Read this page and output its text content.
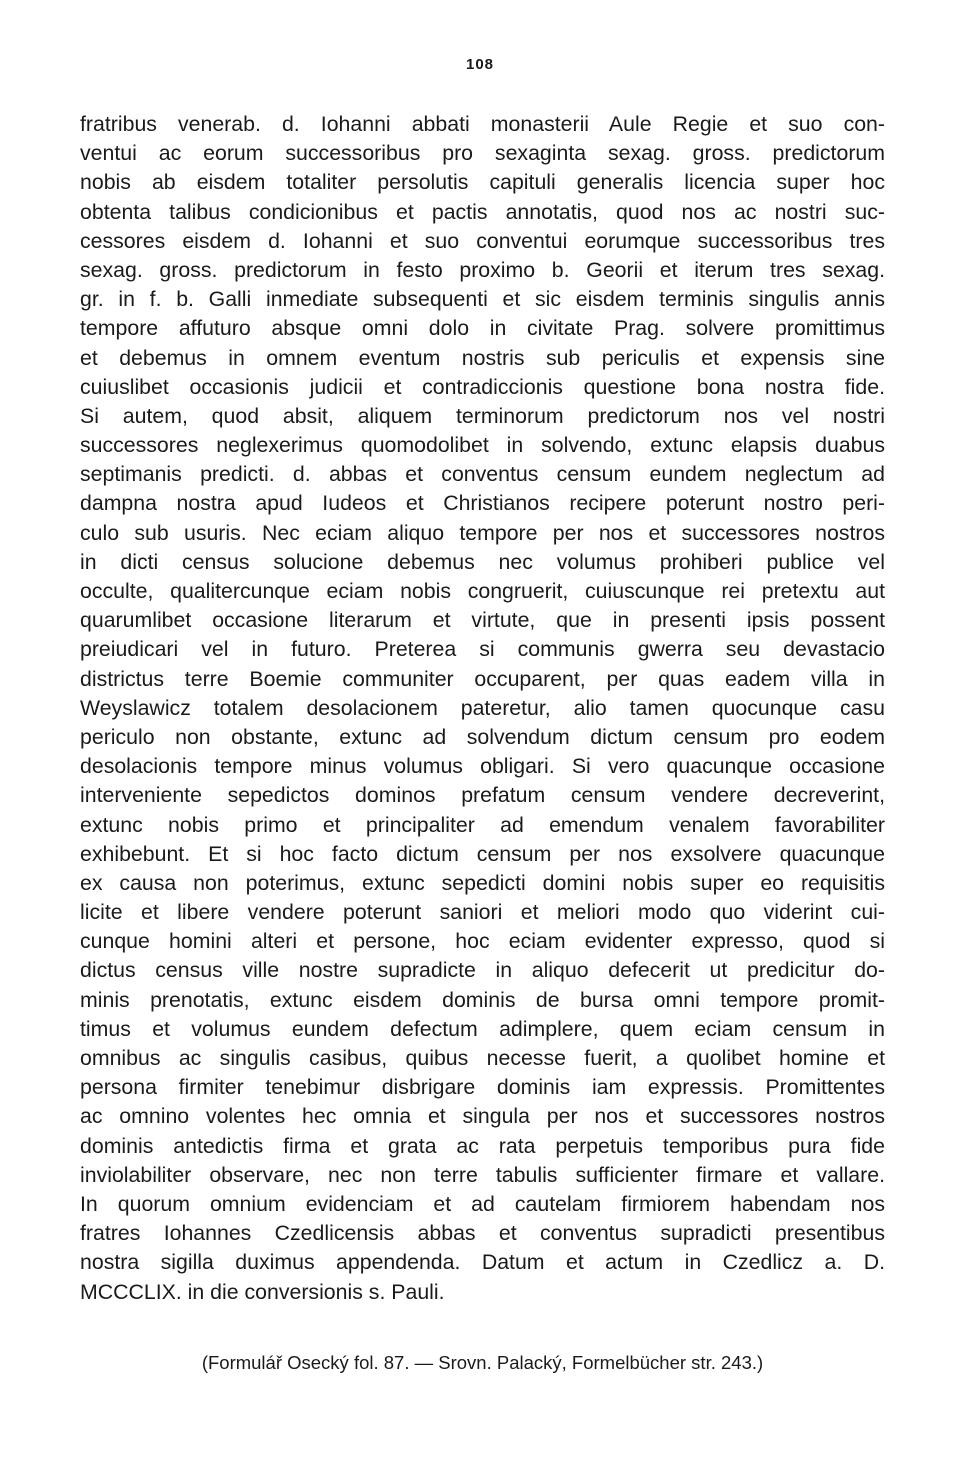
108
fratribus venerab. d. Iohanni abbati monasterii Aule Regie et suo con-
ventui ac eorum successoribus pro sexaginta sexag. gross. predictorum
nobis ab eisdem totaliter persolutis capituli generalis licencia super hoc
obtenta talibus condicionibus et pactis annotatis, quod nos ac nostri suc-
cessores eisdem d. Iohanni et suo conventui eorumque successoribus tres
sexag. gross. predictorum in festo proximo b. Georii et iterum tres sexag.
gr. in f. b. Galli inmediate subsequenti et sic eisdem terminis singulis annis
tempore affuturo absque omni dolo in civitate Prag. solvere promittimus
et debemus in omnem eventum nostris sub periculis et expensis sine
cuiuslibet occasionis judicii et contradiccionis questione bona nostra fide.
Si autem, quod absit, aliquem terminorum predictorum nos vel nostri
successores neglexerimus quomodolibet in solvendo, extunc elapsis duabus
septimanis predicti. d. abbas et conventus censum eundem neglectum ad
dampna nostra apud Iudeos et Christianos recipere poterunt nostro peri-
culo sub usuris. Nec eciam aliquo tempore per nos et successores nostros
in dicti census solucione debemus nec volumus prohiberi publice vel
occulte, qualitercunque eciam nobis congruerit, cuiuscunque rei pretextu aut
quarumlibet occasione literarum et virtute, que in presenti ipsis possent
preiudicari vel in futuro. Preterea si communis gwerra seu devastacio
districtus terre Boemie communiter occuparent, per quas eadem villa in
Weyslawicz totalem desolacionem pateretur, alio tamen quocunque casu
periculo non obstante, extunc ad solvendum dictum censum pro eodem
desolacionis tempore minus volumus obligari. Si vero quacunque occasione
interveniente sepedictos dominos prefatum censum vendere decreverint,
extunc nobis primo et principaliter ad emendum venalem favorabiliter
exhibebunt. Et si hoc facto dictum censum per nos exsolvere quacunque
ex causa non poterimus, extunc sepedicti domini nobis super eo requisitis
licite et libere vendere poterunt saniori et meliori modo quo viderint cui-
cunque homini alteri et persone, hoc eciam evidenter expresso, quod si
dictus census ville nostre supradicte in aliquo defecerit ut predicitur do-
minis prenotatis, extunc eisdem dominis de bursa omni tempore promit-
timus et volumus eundem defectum adimplere, quem eciam censum in
omnibus ac singulis casibus, quibus necesse fuerit, a quolibet homine et
persona firmiter tenebimur disbrigare dominis iam expressis. Promittentes
ac omnino volentes hec omnia et singula per nos et successores nostros
dominis antedictis firma et grata ac rata perpetuis temporibus pura fide
inviolabiliter observare, nec non terre tabulis sufficienter firmare et vallare.
In quorum omnium evidenciam et ad cautelam firmiorem habendam nos
fratres Iohannes Czedlicensis abbas et conventus supradicti presentibus
nostra sigilla duximus appendenda. Datum et actum in Czedlicz a. D.
MCCCLIX. in die conversionis s. Pauli.
(Formulář Osecký fol. 87. — Srovn. Palacký, Formelbücher str. 243.)
